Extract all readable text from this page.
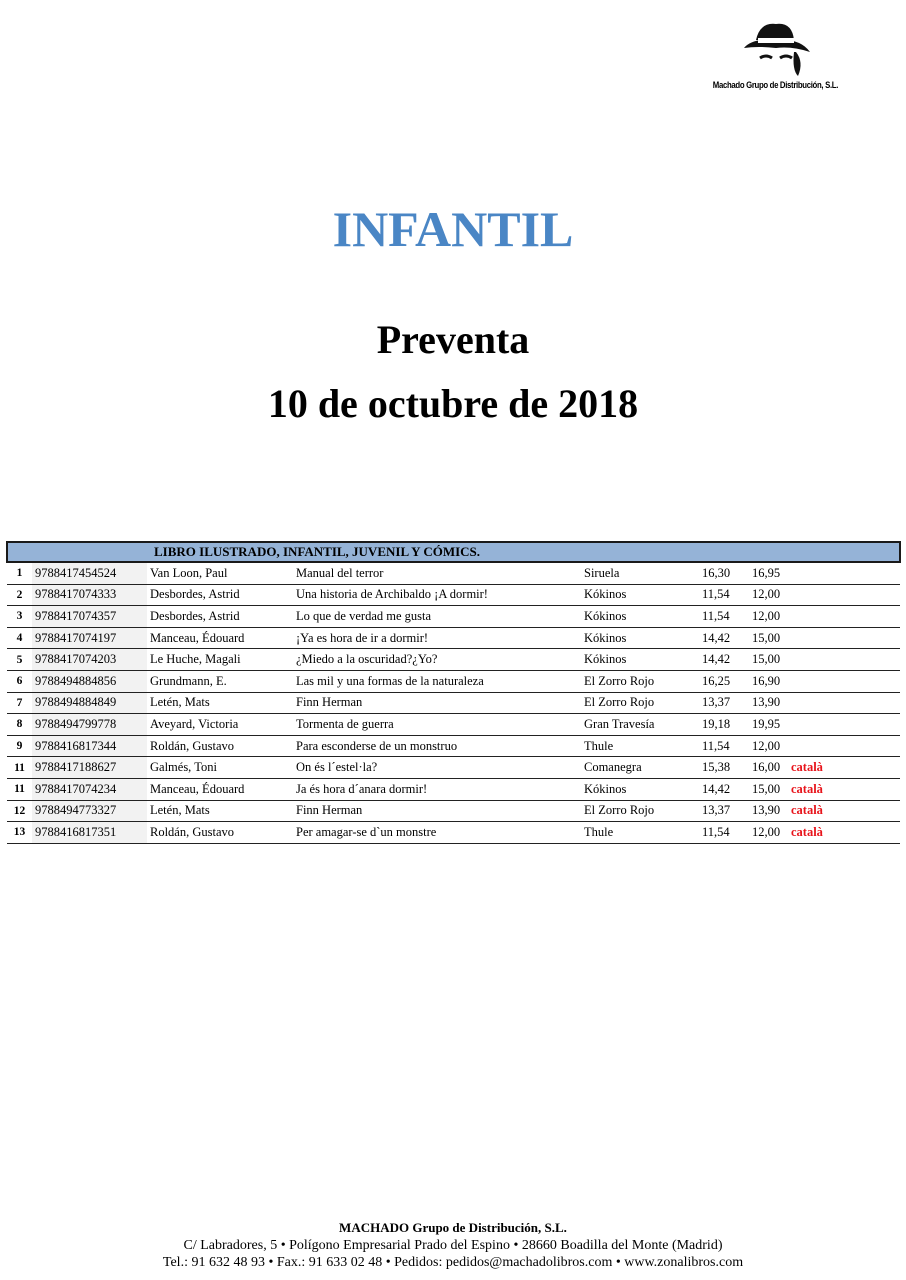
Machado Grupo de Distribución, S.L.
INFANTIL
Preventa
10 de octubre de 2018
LIBRO ILUSTRADO, INFANTIL, JUVENIL Y CÓMICS.								
1	9788417454524	Van Loon, Paul	Manual del terror	Siruela	16,30	16,95		
2	9788417074333	Desbordes, Astrid	Una historia de Archibaldo ¡A dormir!	Kókinos	11,54	12,00		
3	9788417074357	Desbordes, Astrid	Lo que de verdad me gusta	Kókinos	11,54	12,00		
4	9788417074197	Manceau, Édouard	¡Ya es hora de ir a dormir!	Kókinos	14,42	15,00		
5	9788417074203	Le Huche, Magali	¿Miedo a la oscuridad?¿Yo?	Kókinos	14,42	15,00		
6	9788494884856	Grundmann, E.	Las mil y una formas de la naturaleza	El Zorro Rojo	16,25	16,90		
7	9788494884849	Letén, Mats	Finn Herman	El Zorro Rojo	13,37	13,90		
8	9788494799778	Aveyard, Victoria	Tormenta de guerra	Gran Travesía	19,18	19,95		
9	9788416817344	Roldán, Gustavo	Para esconderse de un monstruo	Thule	11,54	12,00		
11	9788417188627	Galmés, Toni	On és l´estel·la?	Comanegra	15,38	16,00	català	
11	9788417074234	Manceau, Édouard	Ja és hora d´anara dormir!	Kókinos	14,42	15,00	català	
12	9788494773327	Letén, Mats	Finn Herman	El Zorro Rojo	13,37	13,90	català	
13	9788416817351	Roldán, Gustavo	Per amagar-se d`un monstre	Thule	11,54	12,00	català	
MACHADO Grupo de Distribución, S.L.
C/ Labradores, 5 • Polígono Empresarial Prado del Espino • 28660 Boadilla del Monte (Madrid)
Tel.: 91 632 48 93 • Fax.: 91 633 02 48 • Pedidos: pedidos@machadolibros.com • www.zonalibros.com
